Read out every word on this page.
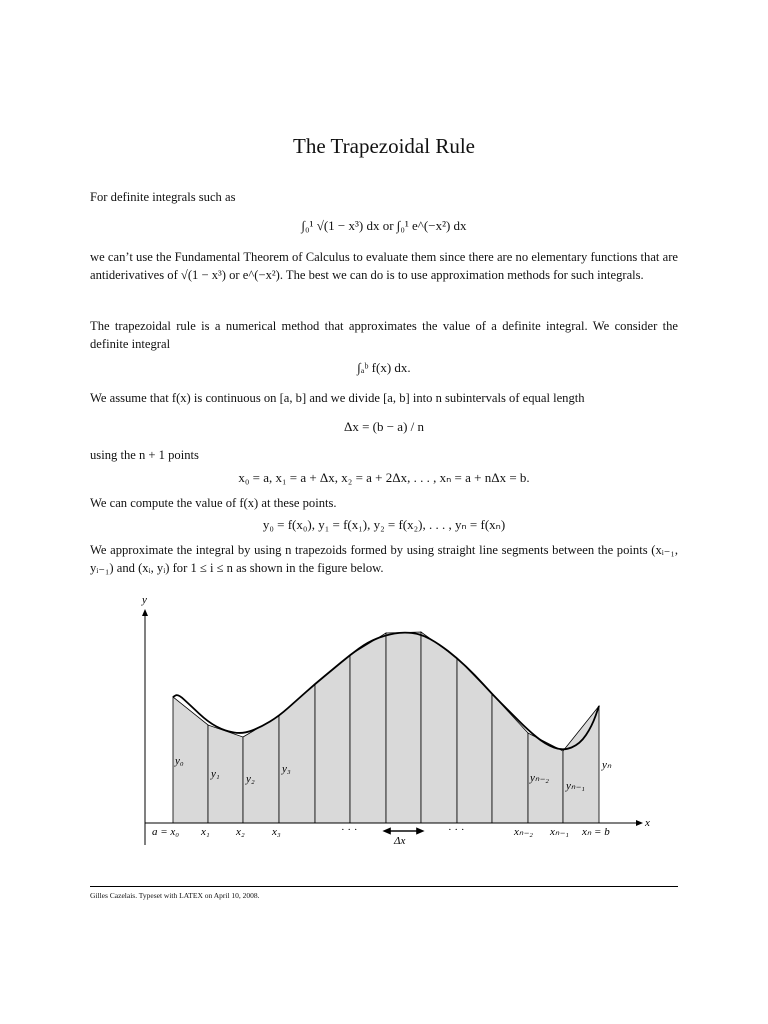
The Trapezoidal Rule
For definite integrals such as
∫₀¹ √(1 − x³) dx or ∫₀¹ e^(−x²) dx
we can’t use the Fundamental Theorem of Calculus to evaluate them since there are no elementary functions that are antiderivatives of √(1 − x³) or e^(−x²). The best we can do is to use approximation methods for such integrals.
The trapezoidal rule is a numerical method that approximates the value of a definite integral. We consider the definite integral
∫ₐᵇ f(x) dx.
We assume that f(x) is continuous on [a, b] and we divide [a, b] into n subintervals of equal length
Δx = (b − a) / n
using the n + 1 points
x₀ = a, x₁ = a + Δx, x₂ = a + 2Δx, . . . , xₙ = a + nΔx = b.
We can compute the value of f(x) at these points.
y₀ = f(x₀), y₁ = f(x₁), y₂ = f(x₂), . . . , yₙ = f(xₙ)
We approximate the integral by using n trapezoids formed by using straight line segments between the points (xᵢ₋₁, yᵢ₋₁) and (xᵢ, yᵢ) for 1 ≤ i ≤ n as shown in the figure below.
y
x
y₀
y₁ y₂
y₃
yₙ₋₂
yₙ₋₁
yₙ
a = x₀ x₁ x₂ x₃	· · ·	· · ·	xₙ₋₂ xₙ₋₁ xₙ = b
Δx
Gilles Cazelais. Typeset with LATEX on April 10, 2008.
